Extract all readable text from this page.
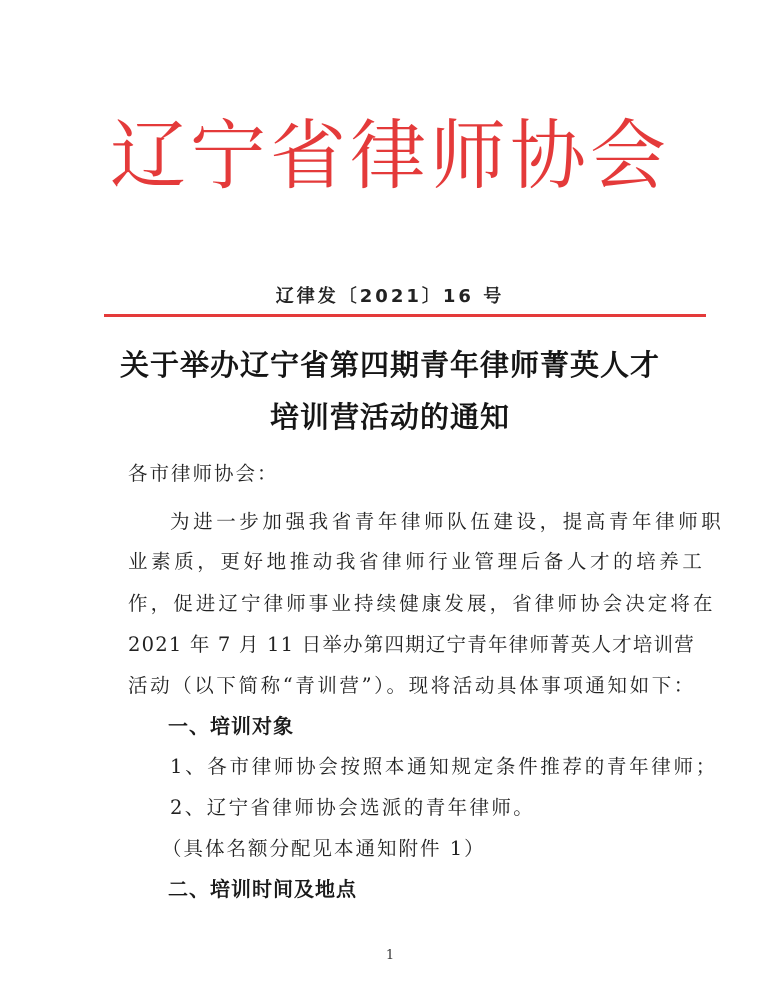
辽宁省律师协会
辽律发〔2021〕16 号
关于举办辽宁省第四期青年律师菁英人才
培训营活动的通知
各市律师协会：
为进一步加强我省青年律师队伍建设，提高青年律师职
业素质，更好地推动我省律师行业管理后备人才的培养工
作，促进辽宁律师事业持续健康发展，省律师协会决定将在
2021 年 7 月 11 日举办第四期辽宁青年律师菁英人才培训营
活动（以下简称“青训营”）。现将活动具体事项通知如下：
一、培训对象
1、各市律师协会按照本通知规定条件推荐的青年律师；
2、辽宁省律师协会选派的青年律师。
（具体名额分配见本通知附件 1）
二、培训时间及地点
1
